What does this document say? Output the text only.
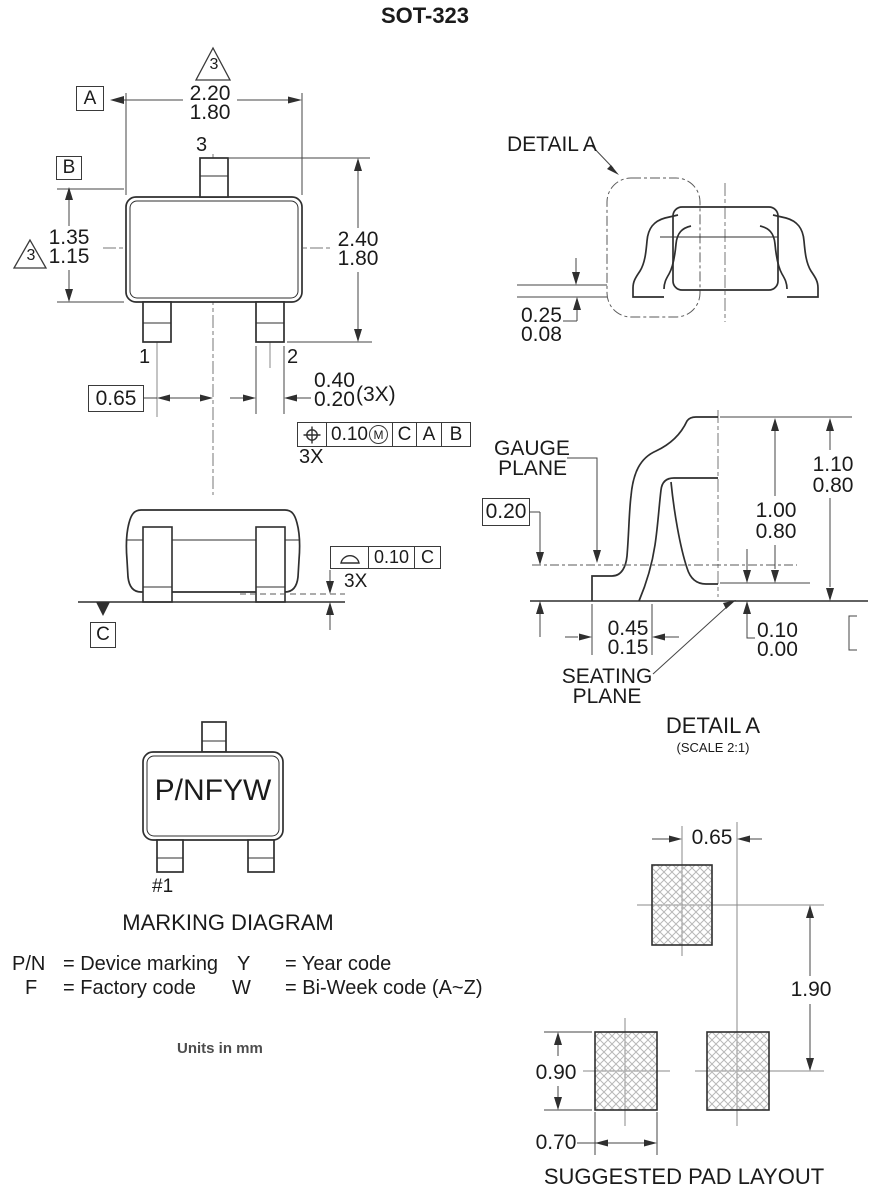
SOT-323
3
3
2.20
1.80
A
B
3
1	2
1.35
1.15
2.40
1.80
0.65
0.40
0.20 (3X)
0.10 M C A B
3X
0.10 C
3X
C
DETAIL A
0.25
0.08
GAUGE
PLANE
0.20
1.10
0.80
1.00
0.80
0.45
0.15
0.10
0.00
SEATING
PLANE
DETAIL A
(SCALE 2:1)
P/NFYW
#1
MARKING DIAGRAM
P/N = Device marking Y = Year code
F = Factory code W = Bi-Week code (A~Z)
Units in mm
0.65
1.90
0.90
0.70
SUGGESTED PAD LAYOUT
